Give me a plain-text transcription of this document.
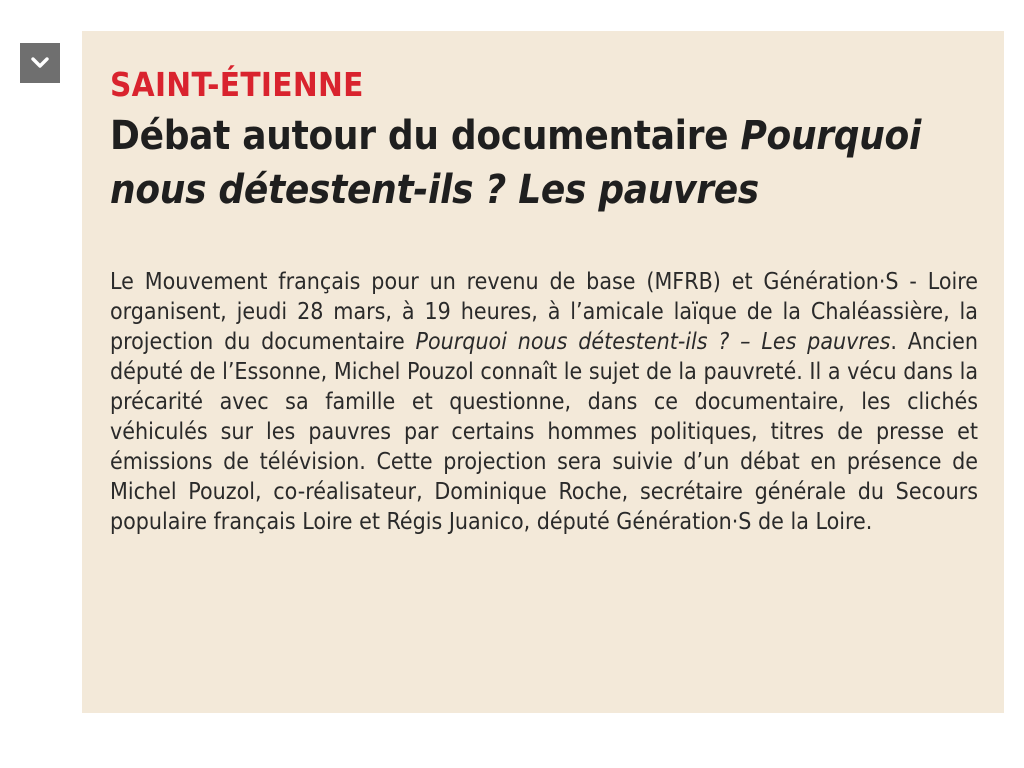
SAINT-ÉTIENNE
Débat autour du documentaire Pourquoi nous détestent-ils ? Les pauvres

Le Mouvement français pour un revenu de base (MFRB) et Génération·S - Loire organisent, jeudi 28 mars, à 19 heures, à l’amicale laïque de la Chaléassière, la projection du documentaire Pourquoi nous détestent-ils ? – Les pauvres. Ancien député de l’Essonne, Michel Pouzol connaît le sujet de la pauvreté. Il a vécu dans la précarité avec sa famille et questionne, dans ce documentaire, les clichés véhiculés sur les pauvres par certains hommes politiques, titres de presse et émissions de télévision. Cette projection sera suivie d’un débat en présence de Michel Pouzol, co-réalisateur, Dominique Roche, secrétaire générale du Secours populaire français Loire et Régis Juanico, député Génération·S de la Loire.
